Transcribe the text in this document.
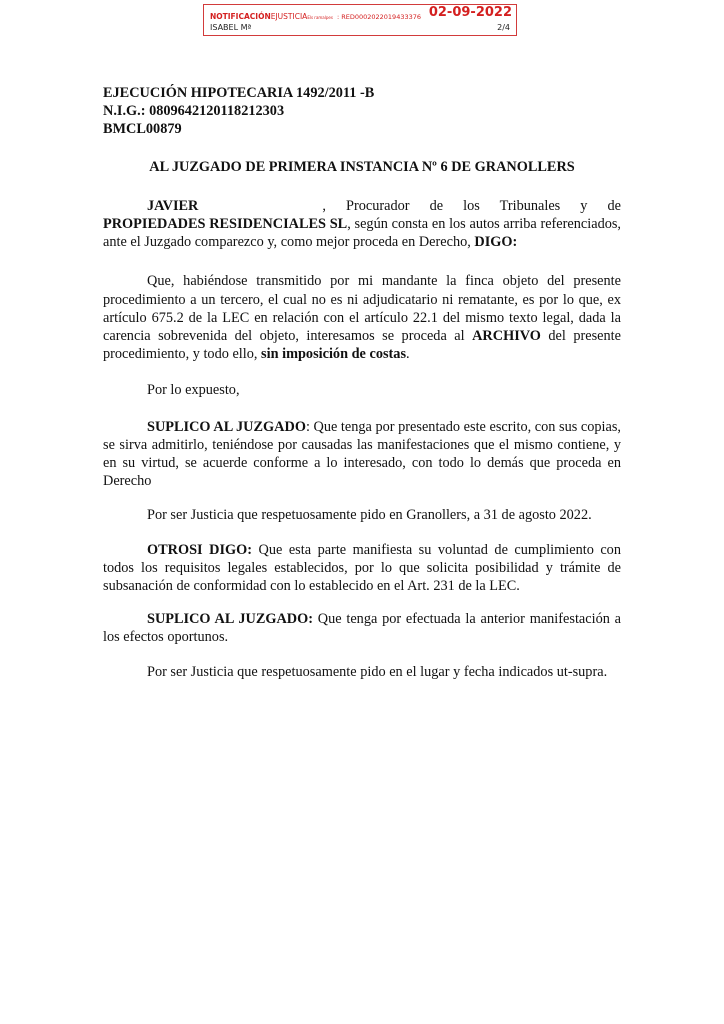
NOTIFICACIÓNEJUSTICIAEls ramalpes : RED0002022019433376 02-09-2022
ISABEL Mª	2/4

EJECUCIÓN HIPOTECARIA 1492/2011 -B

N.I.G.: 0809642120118212303

BMCL00879

AL JUZGADO DE PRIMERA INSTANCIA Nº 6 DE GRANOLLERS

JAVIER	, Procurador de los Tribunales y de PROPIEDADES RESIDENCIALES SL, según consta en los autos arriba referenciados, ante el Juzgado comparezco y, como mejor proceda en Derecho, DIGO:

Que, habiéndose transmitido por mi mandante la finca objeto del presente procedimiento a un tercero, el cual no es ni adjudicatario ni rematante, es por lo que, ex artículo 675.2 de la LEC en relación con el artículo 22.1 del mismo texto legal, dada la carencia sobrevenida del objeto, interesamos se proceda al ARCHIVO del presente procedimiento, y todo ello, sin imposición de costas.

Por lo expuesto,

SUPLICO AL JUZGADO: Que tenga por presentado este escrito, con sus copias, se sirva admitirlo, teniéndose por causadas las manifestaciones que el mismo contiene, y en su virtud, se acuerde conforme a lo interesado, con todo lo demás que proceda en Derecho

Por ser Justicia que respetuosamente pido en Granollers, a 31 de agosto 2022.

OTROSI DIGO: Que esta parte manifiesta su voluntad de cumplimiento con todos los requisitos legales establecidos, por lo que solicita posibilidad y trámite de subsanación de conformidad con lo establecido en el Art. 231 de la LEC.

SUPLICO AL JUZGADO: Que tenga por efectuada la anterior manifestación a los efectos oportunos.

Por ser Justicia que respetuosamente pido en el lugar y fecha indicados ut-supra.
